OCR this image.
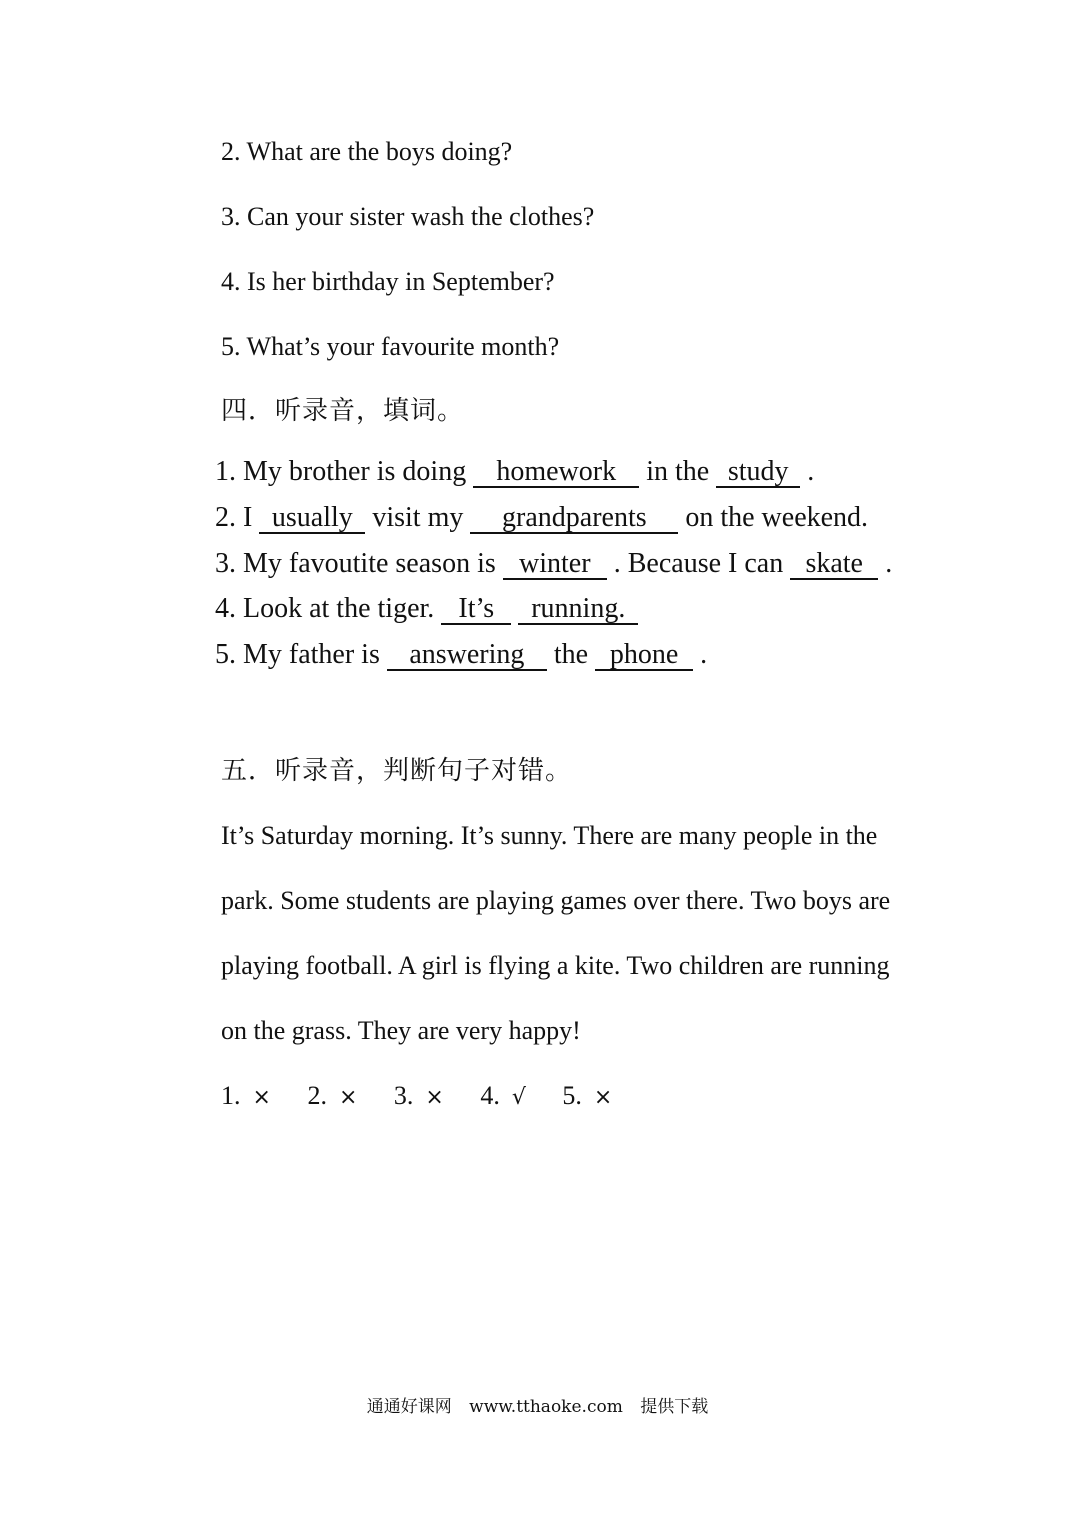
2. What are the boys doing?
3. Can your sister wash the clothes?
4. Is her birthday in September?
5. What’s your favourite month?
四．听录音，填词。
1. My brother is doing homework in the study .
2. I usually visit my grandparents on the weekend.
3. My favoutite season is winter . Because I can skate .
4. Look at the tiger. It’s running.
5. My father is answering the phone .
五．听录音，判断句子对错。
It’s Saturday morning. It’s sunny. There are many people in the
park. Some students are playing games over there. Two boys are
playing football. A girl is flying a kite. Two children are running
on the grass. They are very happy!
1. × 2. × 3. × 4. √ 5. ×
通通好课网 www.tthaoke.com 提供下载
